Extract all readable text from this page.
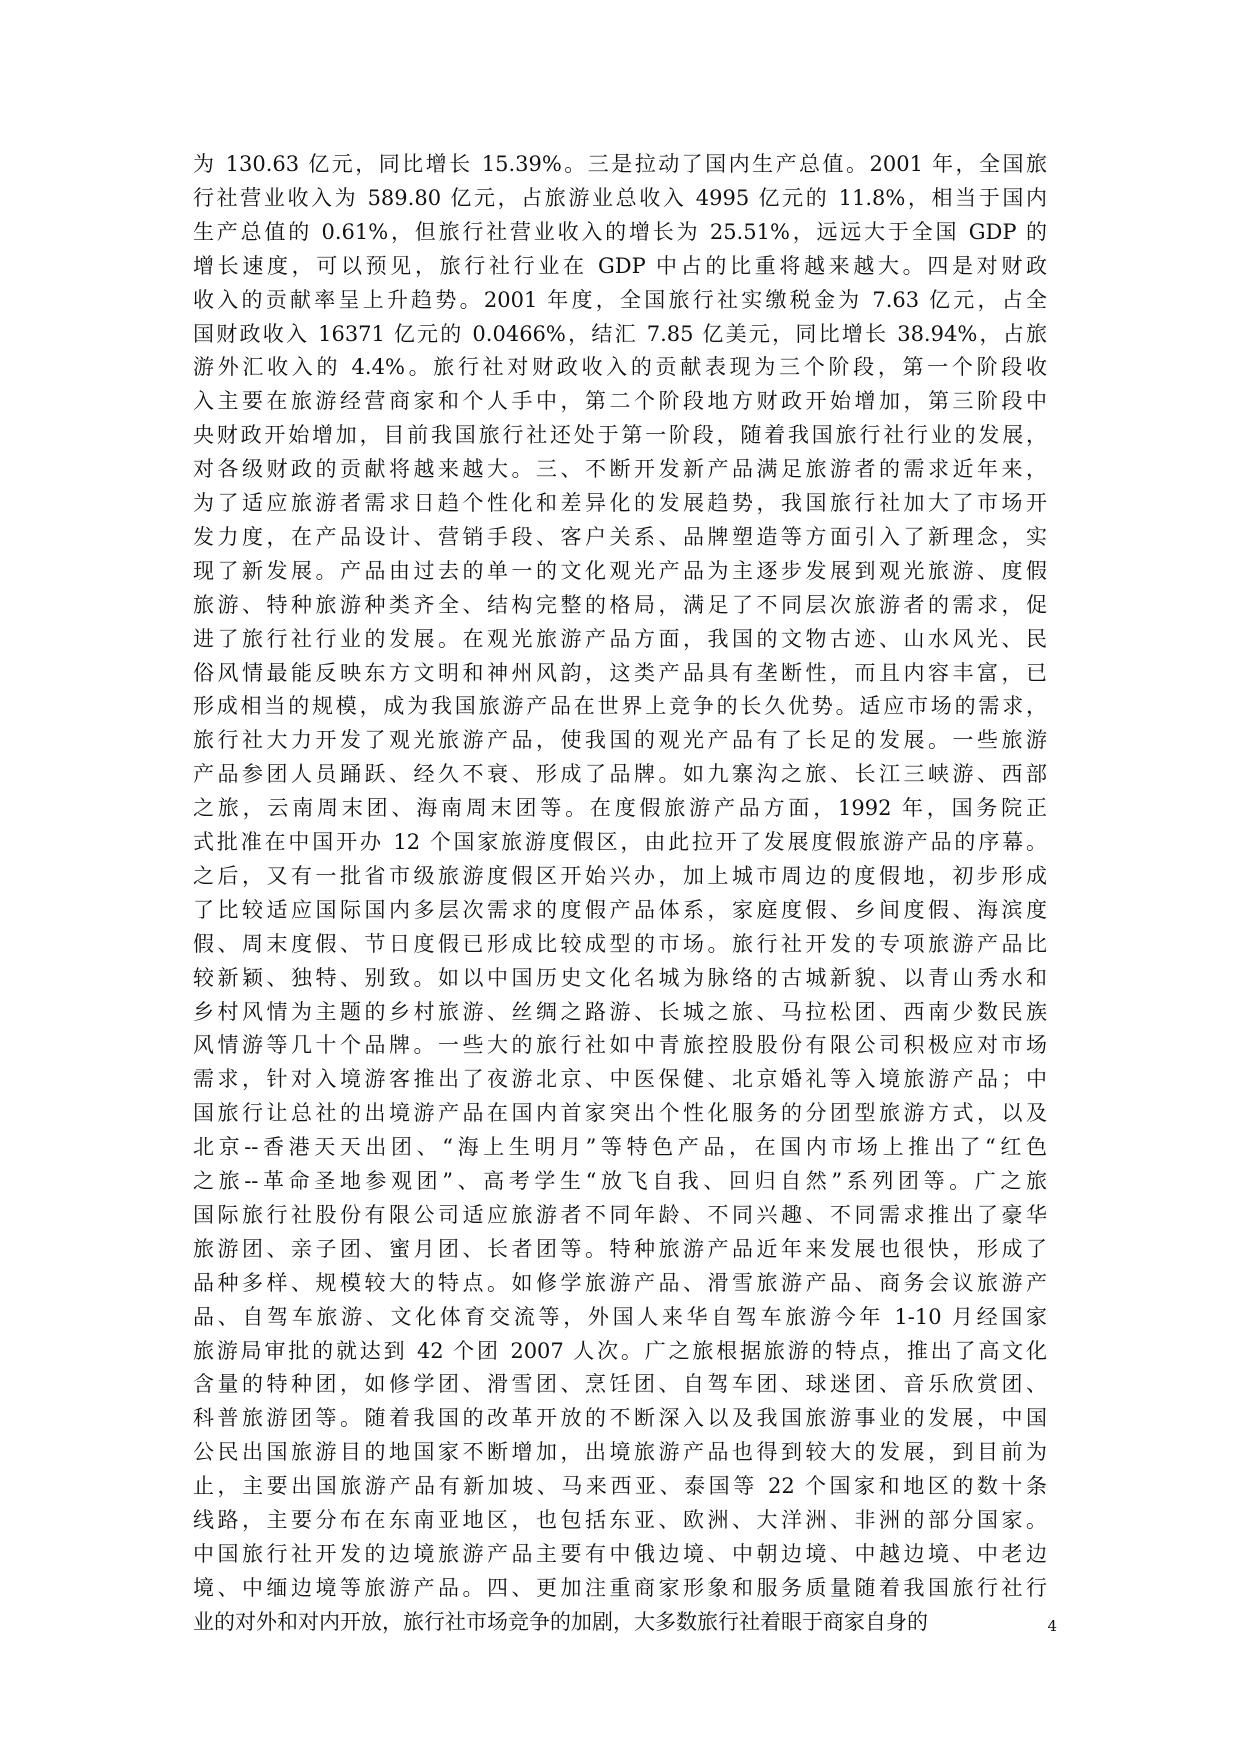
为 130.63 亿元，同比增长 15.39%。三是拉动了国内生产总值。2001 年，全国旅
行社营业收入为 589.80 亿元，占旅游业总收入 4995 亿元的 11.8%，相当于国内
生产总值的 0.61%，但旅行社营业收入的增长为 25.51%，远远大于全国 GDP 的
增长速度，可以预见，旅行社行业在 GDP 中占的比重将越来越大。四是对财政
收入的贡献率呈上升趋势。2001 年度，全国旅行社实缴税金为 7.63 亿元，占全
国财政收入 16371 亿元的 0.0466%，结汇 7.85 亿美元，同比增长 38.94%，占旅
游外汇收入的 4.4%。旅行社对财政收入的贡献表现为三个阶段，第一个阶段收
入主要在旅游经营商家和个人手中，第二个阶段地方财政开始增加，第三阶段中
央财政开始增加，目前我国旅行社还处于第一阶段，随着我国旅行社行业的发展，
对各级财政的贡献将越来越大。三、不断开发新产品满足旅游者的需求近年来，
为了适应旅游者需求日趋个性化和差异化的发展趋势，我国旅行社加大了市场开
发力度，在产品设计、营销手段、客户关系、品牌塑造等方面引入了新理念，实
现了新发展。产品由过去的单一的文化观光产品为主逐步发展到观光旅游、度假
旅游、特种旅游种类齐全、结构完整的格局，满足了不同层次旅游者的需求，促
进了旅行社行业的发展。在观光旅游产品方面，我国的文物古迹、山水风光、民
俗风情最能反映东方文明和神州风韵，这类产品具有垄断性，而且内容丰富，已
形成相当的规模，成为我国旅游产品在世界上竞争的长久优势。适应市场的需求，
旅行社大力开发了观光旅游产品，使我国的观光产品有了长足的发展。一些旅游
产品参团人员踊跃、经久不衰、形成了品牌。如九寨沟之旅、长江三峡游、西部
之旅，云南周末团、海南周末团等。在度假旅游产品方面，1992 年，国务院正
式批准在中国开办 12 个国家旅游度假区，由此拉开了发展度假旅游产品的序幕。
之后，又有一批省市级旅游度假区开始兴办，加上城市周边的度假地，初步形成
了比较适应国际国内多层次需求的度假产品体系，家庭度假、乡间度假、海滨度
假、周末度假、节日度假已形成比较成型的市场。旅行社开发的专项旅游产品比
较新颖、独特、别致。如以中国历史文化名城为脉络的古城新貌、以青山秀水和
乡村风情为主题的乡村旅游、丝绸之路游、长城之旅、马拉松团、西南少数民族
风情游等几十个品牌。一些大的旅行社如中青旅控股股份有限公司积极应对市场
需求，针对入境游客推出了夜游北京、中医保健、北京婚礼等入境旅游产品；中
国旅行让总社的出境游产品在国内首家突出个性化服务的分团型旅游方式，以及
北京--香港天天出团、“海上生明月”等特色产品，在国内市场上推出了“红色
之旅--革命圣地参观团”、高考学生“放飞自我、回归自然”系列团等。广之旅
国际旅行社股份有限公司适应旅游者不同年龄、不同兴趣、不同需求推出了豪华
旅游团、亲子团、蜜月团、长者团等。特种旅游产品近年来发展也很快，形成了
品种多样、规模较大的特点。如修学旅游产品、滑雪旅游产品、商务会议旅游产
品、自驾车旅游、文化体育交流等，外国人来华自驾车旅游今年 1-10 月经国家
旅游局审批的就达到 42 个团 2007 人次。广之旅根据旅游的特点，推出了高文化
含量的特种团，如修学团、滑雪团、烹饪团、自驾车团、球迷团、音乐欣赏团、
科普旅游团等。随着我国的改革开放的不断深入以及我国旅游事业的发展，中国
公民出国旅游目的地国家不断增加，出境旅游产品也得到较大的发展，到目前为
止，主要出国旅游产品有新加坡、马来西亚、泰国等 22 个国家和地区的数十条
线路，主要分布在东南亚地区，也包括东亚、欧洲、大洋洲、非洲的部分国家。
中国旅行社开发的边境旅游产品主要有中俄边境、中朝边境、中越边境、中老边
境、中缅边境等旅游产品。四、更加注重商家形象和服务质量随着我国旅行社行
业的对外和对内开放，旅行社市场竞争的加剧，大多数旅行社着眼于商家自身的	4
